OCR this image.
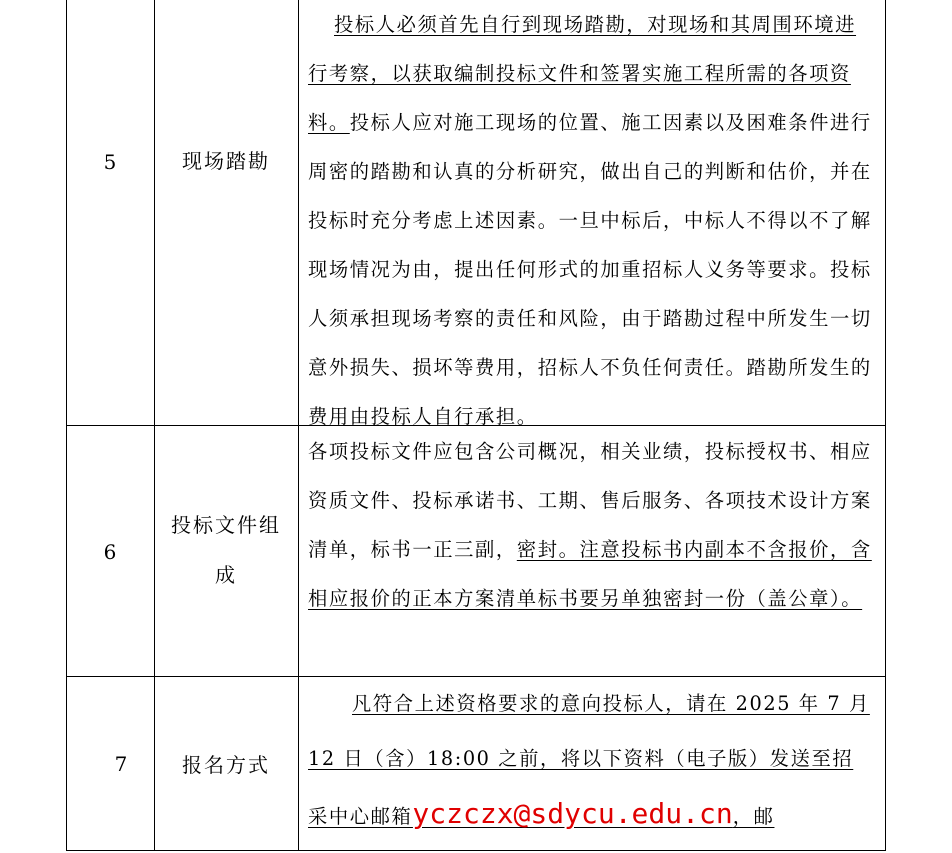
5	现场踏勘

投标人必须首先自行到现场踏勘，对现场和其周围环境进行考察，以获取编制投标文件和签署实施工程所需的各项资料。投标人应对施工现场的位置、施工因素以及困难条件进行周密的踏勘和认真的分析研究，做出自己的判断和估价，并在投标时充分考虑上述因素。一旦中标后，中标人不得以不了解现场情况为由，提出任何形式的加重招标人义务等要求。投标人须承担现场考察的责任和风险，由于踏勘过程中所发生一切意外损失、损坏等费用，招标人不负任何责任。踏勘所发生的费用由投标人自行承担。

6
投标文件组
成

各项投标文件应包含公司概况，相关业绩，投标授权书、相应资质文件、投标承诺书、工期、售后服务、各项技术设计方案清单，标书一正三副，密封。注意投标书内副本不含报价，含相应报价的正本方案清单标书要另单独密封一份（盖公章）。

7	报名方式
凡符合上述资格要求的意向投标人，请在 2025 年 7 月
12 日（含）18:00 之前，将以下资料（电子版）发送至招
采中心邮箱yczczx@sdycu.edu.cn，邮
